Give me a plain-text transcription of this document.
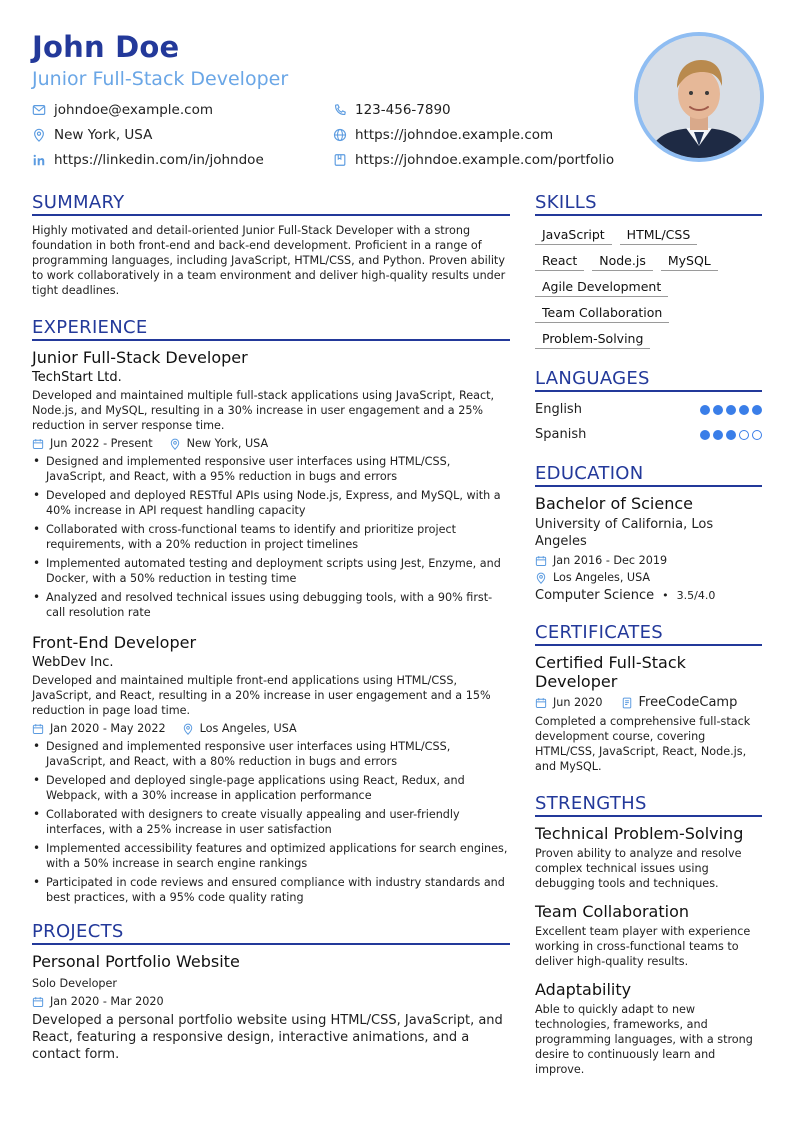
John Doe
Junior Full-Stack Developer
johndoe@example.com	123-456-7890
New York, USA	https://johndoe.example.com
https://linkedin.com/in/johndoe	https://johndoe.example.com/portfolio
SUMMARY
Highly motivated and detail-oriented Junior Full-Stack Developer with a strong foundation in both front-end and back-end development. Proficient in a range of programming languages, including JavaScript, HTML/CSS, and Python. Proven ability to work collaboratively in a team environment and deliver high-quality results under tight deadlines.
EXPERIENCE
Junior Full-Stack Developer
TechStart Ltd.
Developed and maintained multiple full-stack applications using JavaScript, React, Node.js, and MySQL, resulting in a 30% increase in user engagement and a 25% reduction in server response time.
Jun 2022 - Present	New York, USA
• Designed and implemented responsive user interfaces using HTML/CSS, JavaScript, and React, with a 95% reduction in bugs and errors
• Developed and deployed RESTful APIs using Node.js, Express, and MySQL, with a 40% increase in API request handling capacity
• Collaborated with cross-functional teams to identify and prioritize project requirements, with a 20% reduction in project timelines
• Implemented automated testing and deployment scripts using Jest, Enzyme, and Docker, with a 50% reduction in testing time
• Analyzed and resolved technical issues using debugging tools, with a 90% first-call resolution rate
Front-End Developer
WebDev Inc.
Developed and maintained multiple front-end applications using HTML/CSS, JavaScript, and React, resulting in a 20% increase in user engagement and a 15% reduction in page load time.
Jan 2020 - May 2022	Los Angeles, USA
• Designed and implemented responsive user interfaces using HTML/CSS, JavaScript, and React, with a 80% reduction in bugs and errors
• Developed and deployed single-page applications using React, Redux, and Webpack, with a 30% increase in application performance
• Collaborated with designers to create visually appealing and user-friendly interfaces, with a 25% increase in user satisfaction
• Implemented accessibility features and optimized applications for search engines, with a 50% increase in search engine rankings
• Participated in code reviews and ensured compliance with industry standards and best practices, with a 95% code quality rating
PROJECTS
Personal Portfolio Website
Solo Developer
Jan 2020 - Mar 2020
Developed a personal portfolio website using HTML/CSS, JavaScript, and React, featuring a responsive design, interactive animations, and a contact form.
SKILLS
JavaScript HTML/CSS
React Node.js MySQL
Agile Development
Team Collaboration
Problem-Solving
LANGUAGES
English
Spanish
EDUCATION
Bachelor of Science
University of California, Los Angeles
Jan 2016 - Dec 2019
Los Angeles, USA
Computer Science • 3.5/4.0
CERTIFICATES
Certified Full-Stack Developer
Jun 2020	FreeCodeCamp
Completed a comprehensive full-stack development course, covering HTML/CSS, JavaScript, React, Node.js, and MySQL.
STRENGTHS
Technical Problem-Solving
Proven ability to analyze and resolve complex technical issues using debugging tools and techniques.
Team Collaboration
Excellent team player with experience working in cross-functional teams to deliver high-quality results.
Adaptability
Able to quickly adapt to new technologies, frameworks, and programming languages, with a strong desire to continuously learn and improve.
